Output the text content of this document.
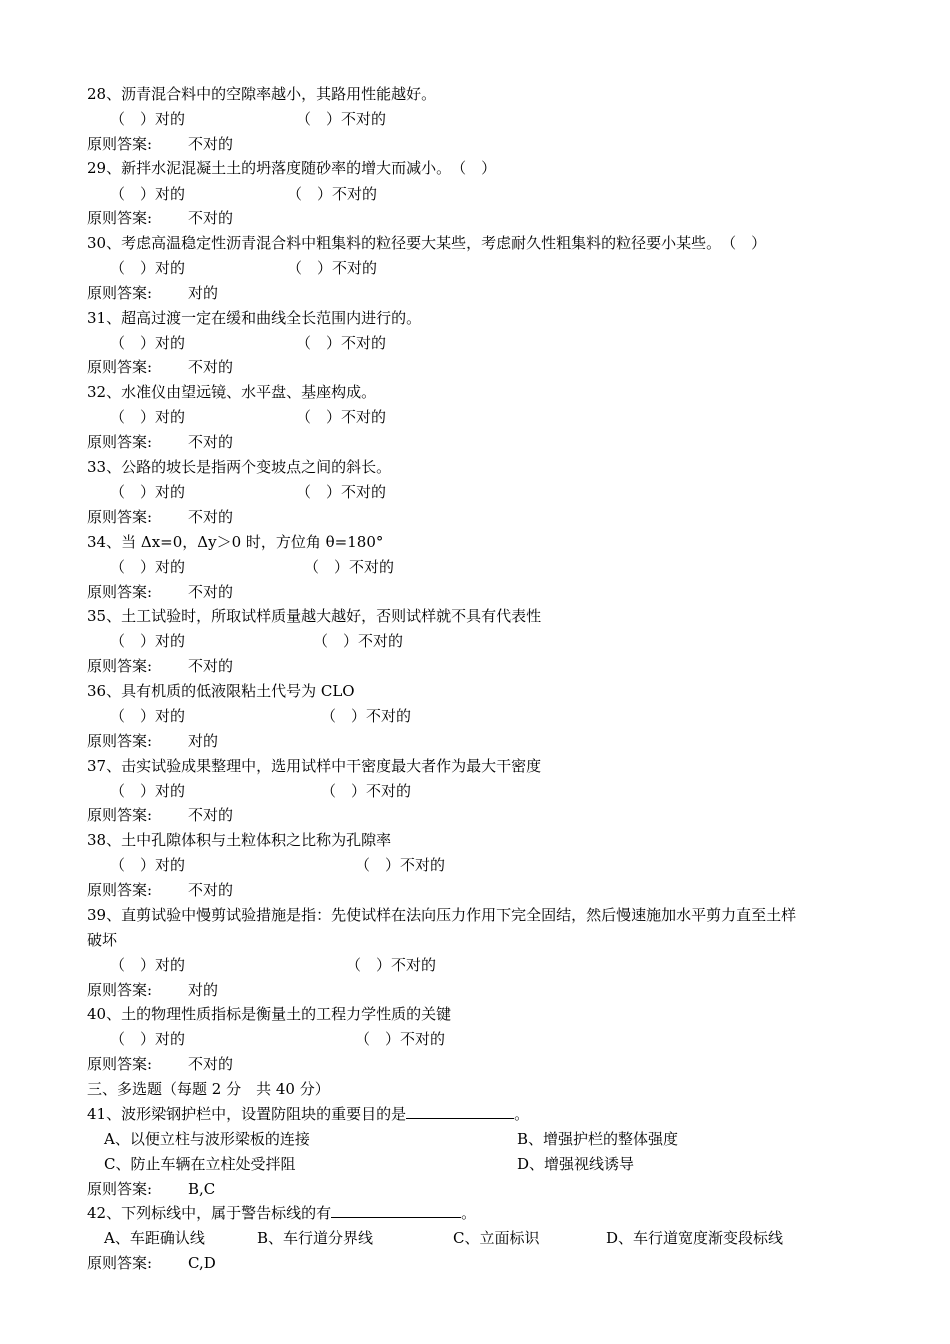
28、沥青混合料中的空隙率越小，其路用性能越好。
（　）对的	（　）不对的
原则答案: 不对的
29、新拌水泥混凝土土的坍落度随砂率的增大而减小。　（　）
（　）对的	（　）不对的
原则答案: 不对的
30、考虑高温稳定性沥青混合料中粗集料的粒径要大某些，考虑耐久性粗集料的粒径要小某些。　（　）
（　）对的	（　）不对的
原则答案: 对的
31、超高过渡一定在缓和曲线全长范围内进行的。
（　）对的	（　）不对的
原则答案: 不对的
32、水准仪由望远镜、水平盘、基座构成。
（　）对的	（　）不对的
原则答案: 不对的
33、公路的坡长是指两个变坡点之间的斜长。
（　）对的	（　）不对的
原则答案: 不对的
34、当 Δx=0，Δy＞0 时，方位角 θ=180°
（　）对的	（　）不对的
原则答案: 不对的
35、土工试验时，所取试样质量越大越好，否则试样就不具有代表性
（　）对的	（　）不对的
原则答案: 不对的
36、具有机质的低液限粘土代号为 CLO
（　）对的	（　）不对的
原则答案: 对的
37、击实试验成果整理中，选用试样中干密度最大者作为最大干密度
（　）对的	（　）不对的
原则答案: 不对的
38、土中孔隙体积与土粒体积之比称为孔隙率
（　）对的	（　）不对的
原则答案: 不对的
39、直剪试验中慢剪试验措施是指：先使试样在法向压力作用下完全固结，然后慢速施加水平剪力直至土样
破坏
（　）对的	（　）不对的
原则答案: 对的
40、土的物理性质指标是衡量土的工程力学性质的关键
（　）对的	（　）不对的
原则答案: 不对的
三、多选题（每题 2 分　共 40 分）
41、波形梁钢护栏中，设置防阻块的重要目的是	。
A、以便立柱与波形梁板的连接	B、增强护栏的整体强度
C、防止车辆在立柱处受拌阻	D、增强视线诱导
原则答案: B,C
42、下列标线中，属于警告标线的有	。
A、车距确认线	B、车行道分界线	C、立面标识	D、车行道宽度渐变段标线
原则答案: C,D
